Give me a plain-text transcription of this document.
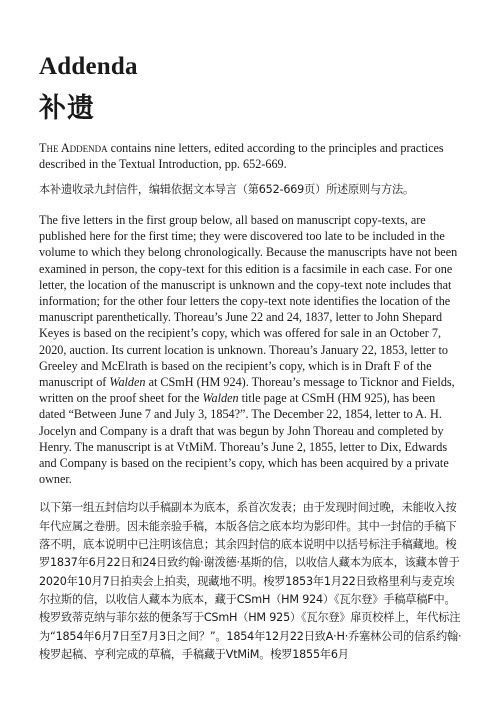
Addenda
补遗

The Addenda contains nine letters, edited according to the principles and practices described in the Textual Introduction, pp. 652-669.

本补遗收录九封信件，编辑依据文本导言（第652-669页）所述原则与方法。

The five letters in the first group below, all based on manuscript copy-texts, are published here for the first time; they were discovered too late to be included in the volume to which they belong chronologically. Because the manuscripts have not been examined in person, the copy-text for this edition is a facsimile in each case. For one letter, the location of the manuscript is unknown and the copy-text note includes that information; for the other four letters the copy-text note identifies the location of the manuscript parenthetically. Thoreau’s June 22 and 24, 1837, letter to John Shepard Keyes is based on the recipient’s copy, which was offered for sale in an October 7, 2020, auction. Its current location is unknown. Thoreau’s January 22, 1853, letter to Greeley and McElrath is based on the recipient’s copy, which is in Draft F of the manuscript of Walden at CSmH (HM 924). Thoreau’s message to Ticknor and Fields, written on the proof sheet for the Walden title page at CSmH (HM 925), has been dated “Between June 7 and July 3, 1854?”. The December 22, 1854, letter to A. H. Jocelyn and Company is a draft that was begun by John Thoreau and completed by Henry. The manuscript is at VtMiM. Thoreau’s June 2, 1855, letter to Dix, Edwards and Company is based on the recipient’s copy, which has been acquired by a private owner.

以下第一组五封信均以手稿副本为底本，系首次发表；由于发现时间过晚，未能收入按年代应属之卷册。因未能亲验手稿，本版各信之底本均为影印件。其中一封信的手稿下落不明，底本说明中已注明该信息；其余四封信的底本说明中以括号标注手稿藏地。梭罗1837年6月22日和24日致约翰·谢泼德·基斯的信，以收信人藏本为底本，该藏本曾于2020年10月7日拍卖会上拍卖，现藏地不明。梭罗1853年1月22日致格里利与麦克埃尔拉斯的信，以收信人藏本为底本，藏于CSmH（HM 924）《瓦尔登》手稿草稿F中。梭罗致蒂克纳与菲尔兹的便条写于CSmH（HM 925）《瓦尔登》扉页校样上，年代标注为“1854年6月7日至7月3日之间？”。1854年12月22日致A·H·乔塞林公司的信系约翰·梭罗起稿、亨利完成的草稿，手稿藏于VtMiM。梭罗1855年6月
